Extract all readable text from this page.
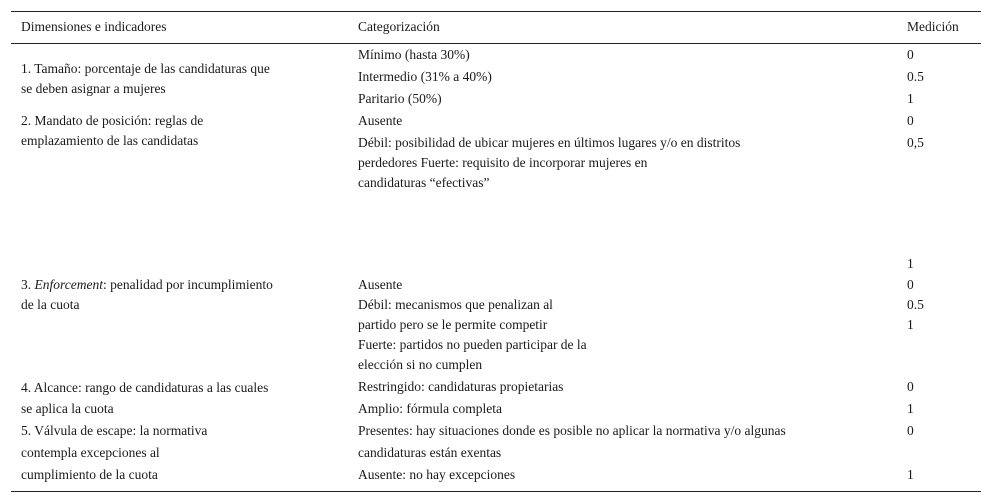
Dimensiones e indicadores	Categorización	Medición
1. Tamaño: porcentaje de las candidaturas que
se deben asignar a mujeres
Mínimo (hasta 30%)
Intermedio (31% a 40%)
Paritario (50%)
0
0.5
1
2. Mandato de posición: reglas de
emplazamiento de las candidatas
Ausente
Débil: posibilidad de ubicar mujeres en últimos lugares y/o en distritos
perdedores Fuerte: requisito de incorporar mujeres en
candidaturas “efectivas”
0
0,5
1
3. Enforcement: penalidad por incumplimiento
de la cuota
Ausente
Débil: mecanismos que penalizan al
partido pero se le permite competir
Fuerte: partidos no pueden participar de la
elección si no cumplen
0
0.5
1
4. Alcance: rango de candidaturas a las cuales
se aplica la cuota
Restringido: candidaturas propietarias
Amplio: fórmula completa
0
1
5. Válvula de escape: la normativa
contempla excepciones al
cumplimiento de la cuota
Presentes: hay situaciones donde es posible no aplicar la normativa y/o algunas
candidaturas están exentas
Ausente: no hay excepciones
0
1
